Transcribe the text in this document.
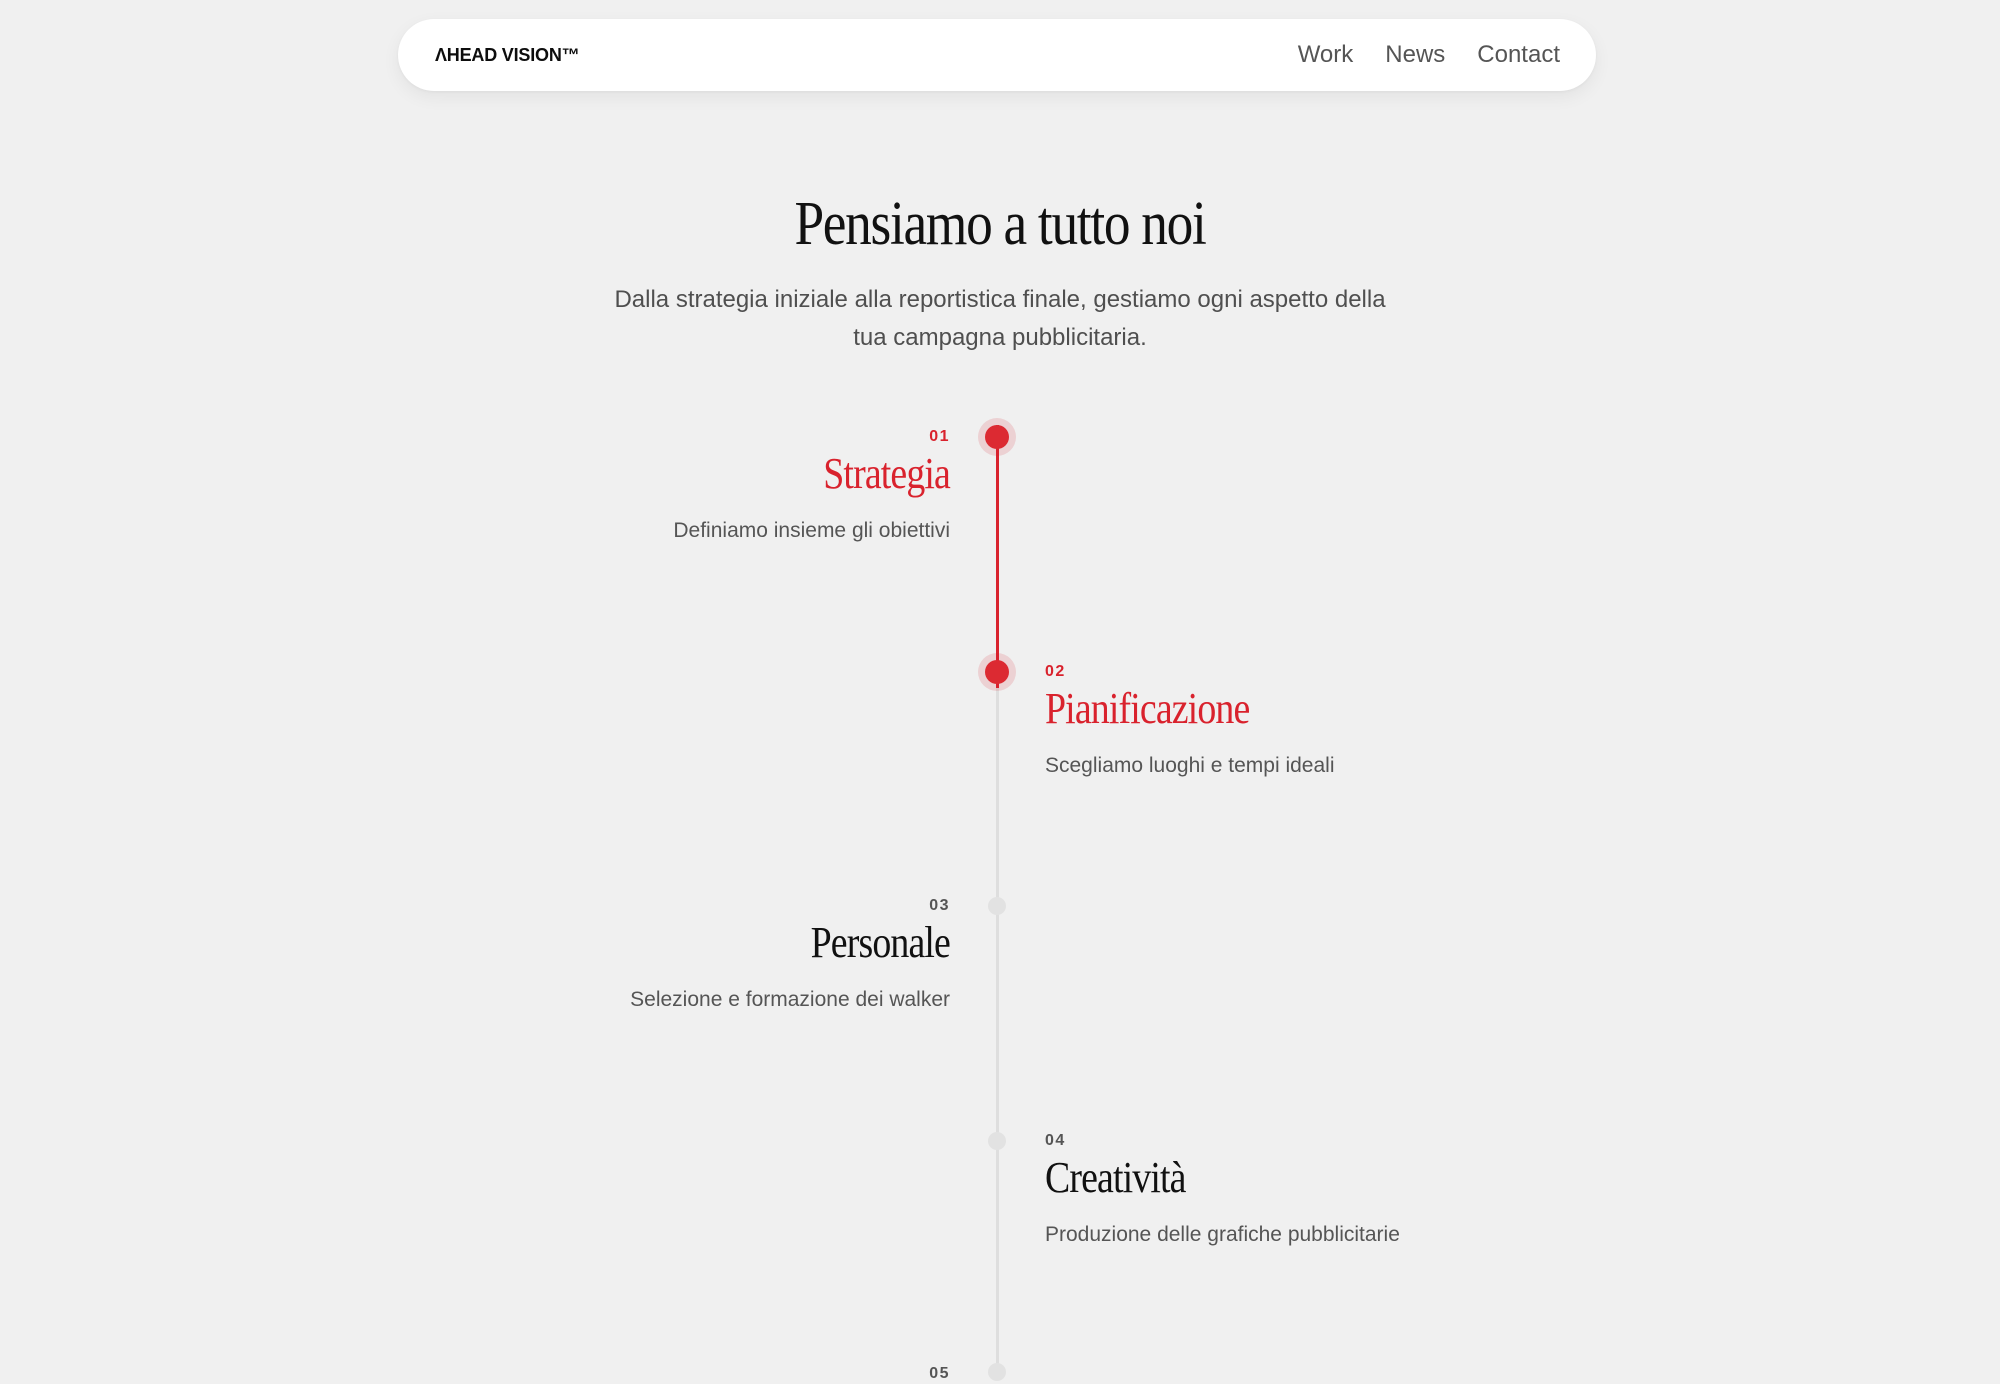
ΛHEAD VISION™	Work News Contact
Pensiamo a tutto noi

Dalla strategia iniziale alla reportistica finale, gestiamo ogni aspetto della tua campagna pubblicitaria.

01
Strategia
Definiamo insieme gli obiettivi
02
Pianificazione
Scegliamo luoghi e tempi ideali
03
Personale
Selezione e formazione dei walker
04
Creatività
Produzione delle grafiche pubblicitarie
05
